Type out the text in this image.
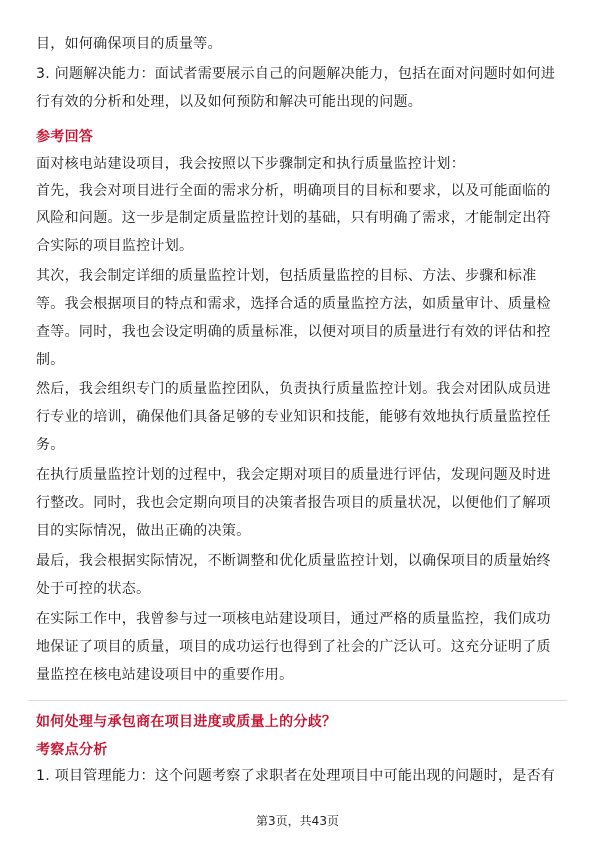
目，如何确保项目的质量等。
3. 问题解决能力：面试者需要展示自己的问题解决能力，包括在面对问题时如何进
行有效的分析和处理，以及如何预防和解决可能出现的问题。
参考回答
面对核电站建设项目，我会按照以下步骤制定和执行质量监控计划：
首先，我会对项目进行全面的需求分析，明确项目的目标和要求，以及可能面临的
风险和问题。这一步是制定质量监控计划的基础，只有明确了需求，才能制定出符
合实际的项目监控计划。
其次，我会制定详细的质量监控计划，包括质量监控的目标、方法、步骤和标准
等。我会根据项目的特点和需求，选择合适的质量监控方法，如质量审计、质量检
查等。同时，我也会设定明确的质量标准，以便对项目的质量进行有效的评估和控
制。
然后，我会组织专门的质量监控团队，负责执行质量监控计划。我会对团队成员进
行专业的培训，确保他们具备足够的专业知识和技能，能够有效地执行质量监控任
务。
在执行质量监控计划的过程中，我会定期对项目的质量进行评估，发现问题及时进
行整改。同时，我也会定期向项目的决策者报告项目的质量状况，以便他们了解项
目的实际情况，做出正确的决策。
最后，我会根据实际情况，不断调整和优化质量监控计划，以确保项目的质量始终
处于可控的状态。
在实际工作中，我曾参与过一项核电站建设项目，通过严格的质量监控，我们成功
地保证了项目的质量，项目的成功运行也得到了社会的广泛认可。这充分证明了质
量监控在核电站建设项目中的重要作用。
如何处理与承包商在项目进度或质量上的分歧？
考察点分析
1. 项目管理能力：这个问题考察了求职者在处理项目中可能出现的问题时，是否有
第3页，共43页
